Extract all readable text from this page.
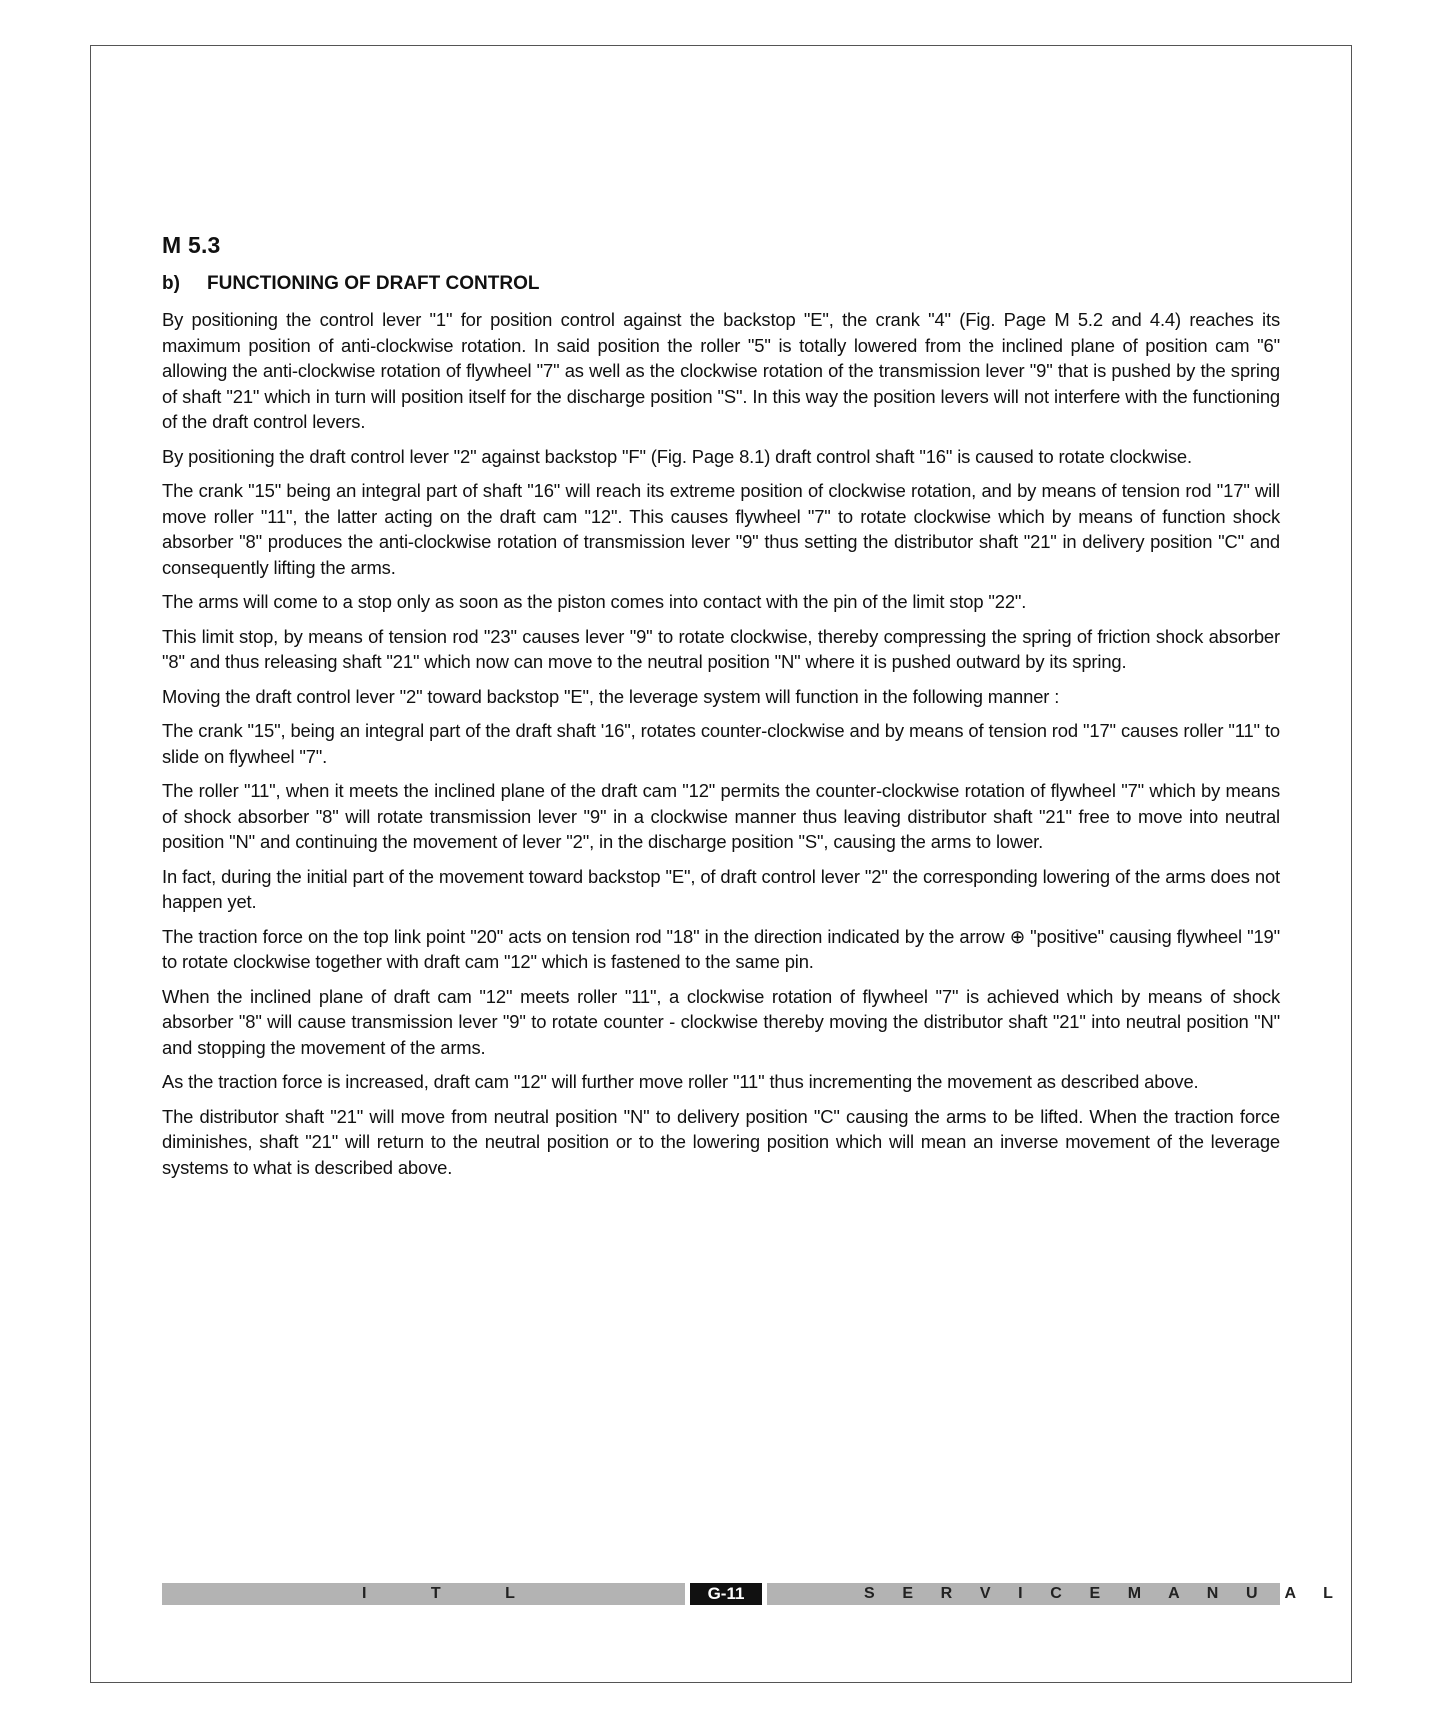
M 5.3
b)	FUNCTIONING OF DRAFT CONTROL

By positioning the control lever "1" for position control against the backstop "E", the crank "4" (Fig. Page M 5.2 and 4.4) reaches its maximum position of anti-clockwise rotation. In said position the roller "5" is totally lowered from the inclined plane of position cam "6" allowing the anti-clockwise rotation of flywheel "7" as well as the clockwise rotation of the transmission lever "9" that is pushed by the spring of shaft "21" which in turn will position itself for the discharge position "S". In this way the position levers will not interfere with the functioning of the draft control levers.

By positioning the draft control lever "2" against backstop "F" (Fig. Page 8.1) draft control shaft "16" is caused to rotate clockwise.

The crank "15" being an integral part of shaft "16" will reach its extreme position of clockwise rotation, and by means of tension rod "17" will move roller "11", the latter acting on the draft cam "12". This causes flywheel "7" to rotate clockwise which by means of function shock absorber "8" produces the anti-clockwise rotation of transmission lever "9" thus setting the distributor shaft "21" in delivery position "C" and consequently lifting the arms.

The arms will come to a stop only as soon as the piston comes into contact with the pin of the limit stop "22".

This limit stop, by means of tension rod "23" causes lever "9" to rotate clockwise, thereby compressing the spring of friction shock absorber "8" and thus releasing shaft "21" which now can move to the neutral position "N" where it is pushed outward by its spring.

Moving the draft control lever "2" toward backstop "E", the leverage system will function in the following manner :

The crank "15", being an integral part of the draft shaft '16", rotates counter-clockwise and by means of tension rod "17" causes roller "11" to slide on flywheel "7".

The roller "11", when it meets the inclined plane of the draft cam "12" permits the counter-clockwise rotation of flywheel "7" which by means of shock absorber "8" will rotate transmission lever "9" in a clockwise manner thus leaving distributor shaft "21" free to move into neutral position "N" and continuing the movement of lever "2", in the discharge position "S", causing the arms to lower.

In fact, during the initial part of the movement toward backstop "E", of draft control lever "2" the corresponding lowering of the arms does not happen yet.

The traction force on the top link point "20" acts on tension rod "18" in the direction indicated by the arrow ⊕ "positive" causing flywheel "19" to rotate clockwise together with draft cam "12" which is fastened to the same pin.

When the inclined plane of draft cam "12" meets roller "11", a clockwise rotation of flywheel "7" is achieved which by means of shock absorber "8" will cause transmission lever "9" to rotate counter - clockwise thereby moving the distributor shaft "21" into neutral position "N" and stopping the movement of the arms.

As the traction force is increased, draft cam "12" will further move roller "11" thus incrementing the movement as described above.

The distributor shaft "21" will move from neutral position "N" to delivery position "C" causing the arms to be lifted. When the traction force diminishes, shaft "21" will return to the neutral position or to the lowering position which will mean an inverse movement of the leverage systems to what is described above.

I T L	G-11	S E R V I C E M A N U A L
